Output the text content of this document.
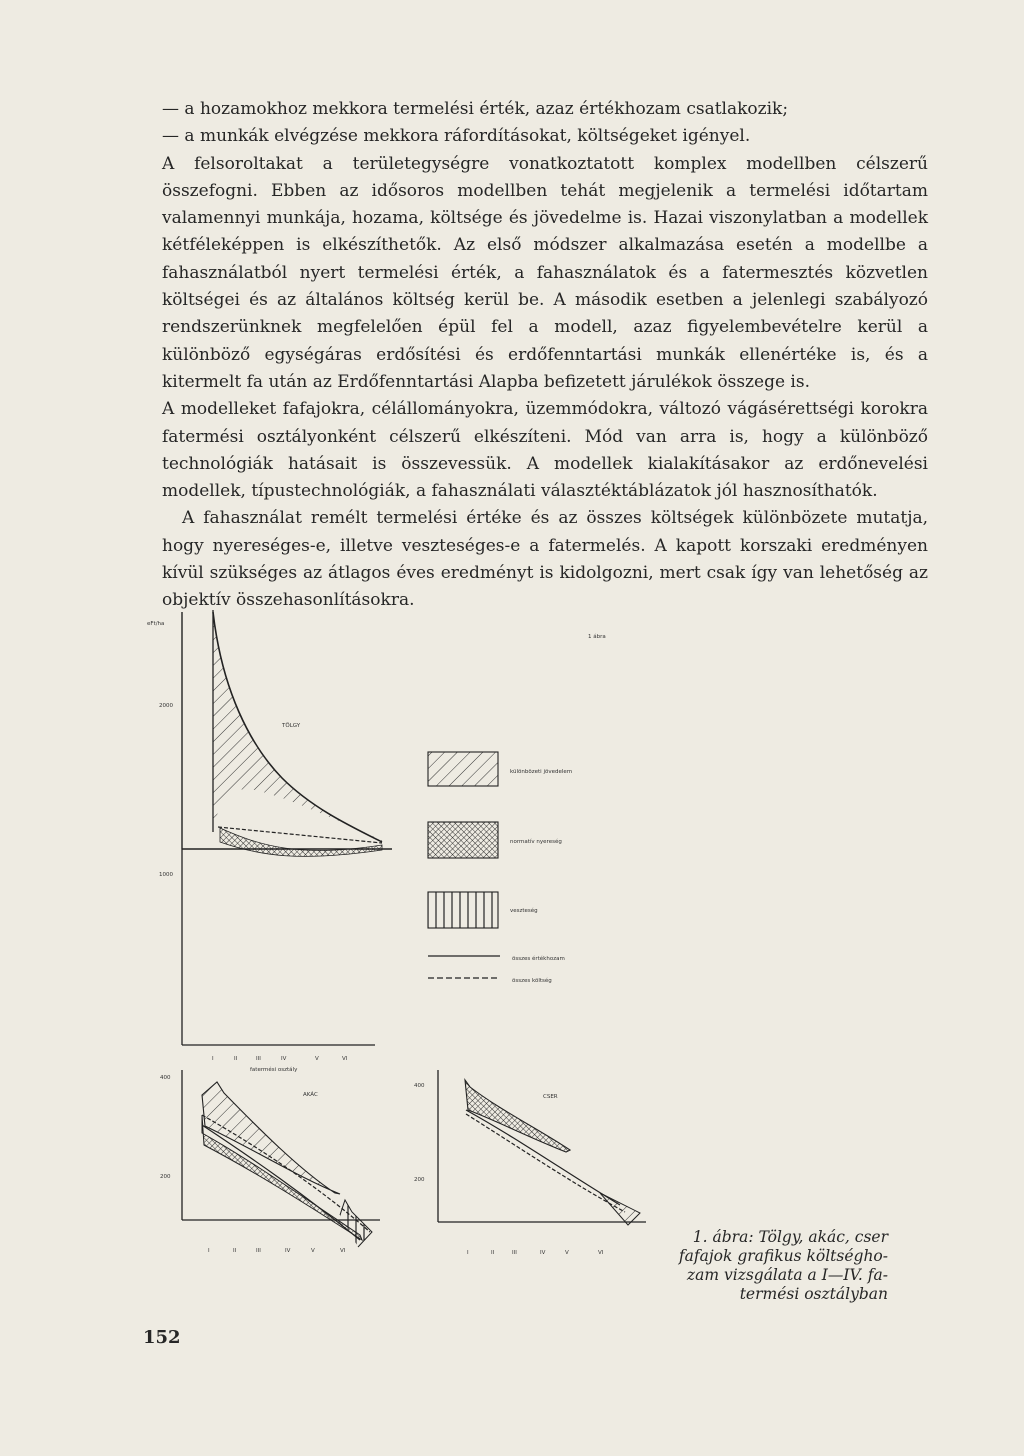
— a hozamokhoz mekkora termelési érték, azaz értékhozam csatlakozik;

— a munkák elvégzése mekkora ráfordításokat, költségeket igényel.

A felsoroltakat a területegységre vonatkoztatott komplex modellben célszerű összefogni. Ebben az idősoros modellben tehát megjelenik a termelési időtartam valamennyi munkája, hozama, költsége és jövedelme is. Hazai viszonylatban a modellek kétféleképpen is elkészíthetők. Az első módszer alkalmazása esetén a modellbe a fahasználatból nyert termelési érték, a fahasználatok és a fatermesztés közvetlen költségei és az általános költség kerül be. A második esetben a jelenlegi szabályozó rendszerünknek megfelelően épül fel a modell, azaz figyelembevételre kerül a különböző egységáras erdősítési és erdőfenntartási munkák ellenértéke is, és a kitermelt fa után az Erdőfenntartási Alapba befizetett járulékok összege is.

A modelleket fafajokra, célállományokra, üzemmódokra, változó vágásérettségi korokra fatermési osztályonként célszerű elkészíteni. Mód van arra is, hogy a különböző technológiák hatásait is összevessük. A modellek kialakításakor az erdőnevelési modellek, típustechnológiák, a fahasználati választéktáblázatok jól hasznosíthatók.

A fahasználat remélt termelési értéke és az összes költségek különbözete mutatja, hogy nyereséges-e, illetve veszteséges-e a fatermelés. A kapott korszaki eredményen kívül szükséges az átlagos éves eredményt is kidolgozni, mert csak így van lehetőség az objektív összehasonlításokra.

eFt/ha
2000
1000
TÖLGY
I	II	III	IV	V	VI
fatermési osztály
AKÁC
400
200
I	II	III	IV	V	VI
CSER
400
200
I	II	III	IV	V	VI
1 ábra
különbözeti jövedelem
normatív nyereség
veszteség
összes értékhozam
összes költség
1. ábra: Tölgy, akác, cser
fafajok grafikus költségho-
zam vizsgálata a I—IV. fa-
termési osztályban
152
